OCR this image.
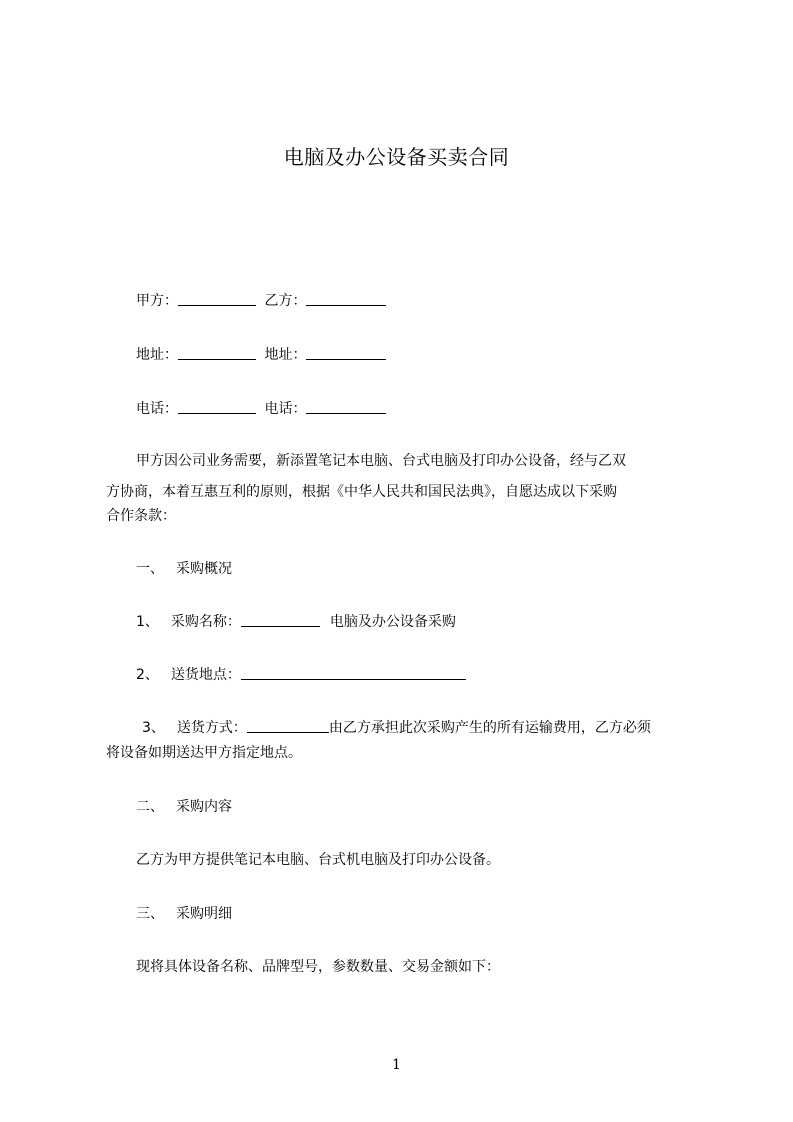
电脑及办公设备买卖合同
甲方：	乙方：
地址：	地址：
电话：	电话：
甲方因公司业务需要，新添置笔记本电脑、台式电脑及打印办公设备，经与乙双
方协商，本着互惠互利的原则，根据《中华人民共和国民法典》，自愿达成以下采购
合作条款：
一、 采购概况
1、 采购名称：	电脑及办公设备采购
2、 送货地点：
3、 送货方式：	由乙方承担此次采购产生的所有运输费用，乙方必须
将设备如期送达甲方指定地点。
二、 采购内容
乙方为甲方提供笔记本电脑、台式机电脑及打印办公设备。
三、 采购明细
现将具体设备名称、品牌型号，参数数量、交易金额如下：
1
